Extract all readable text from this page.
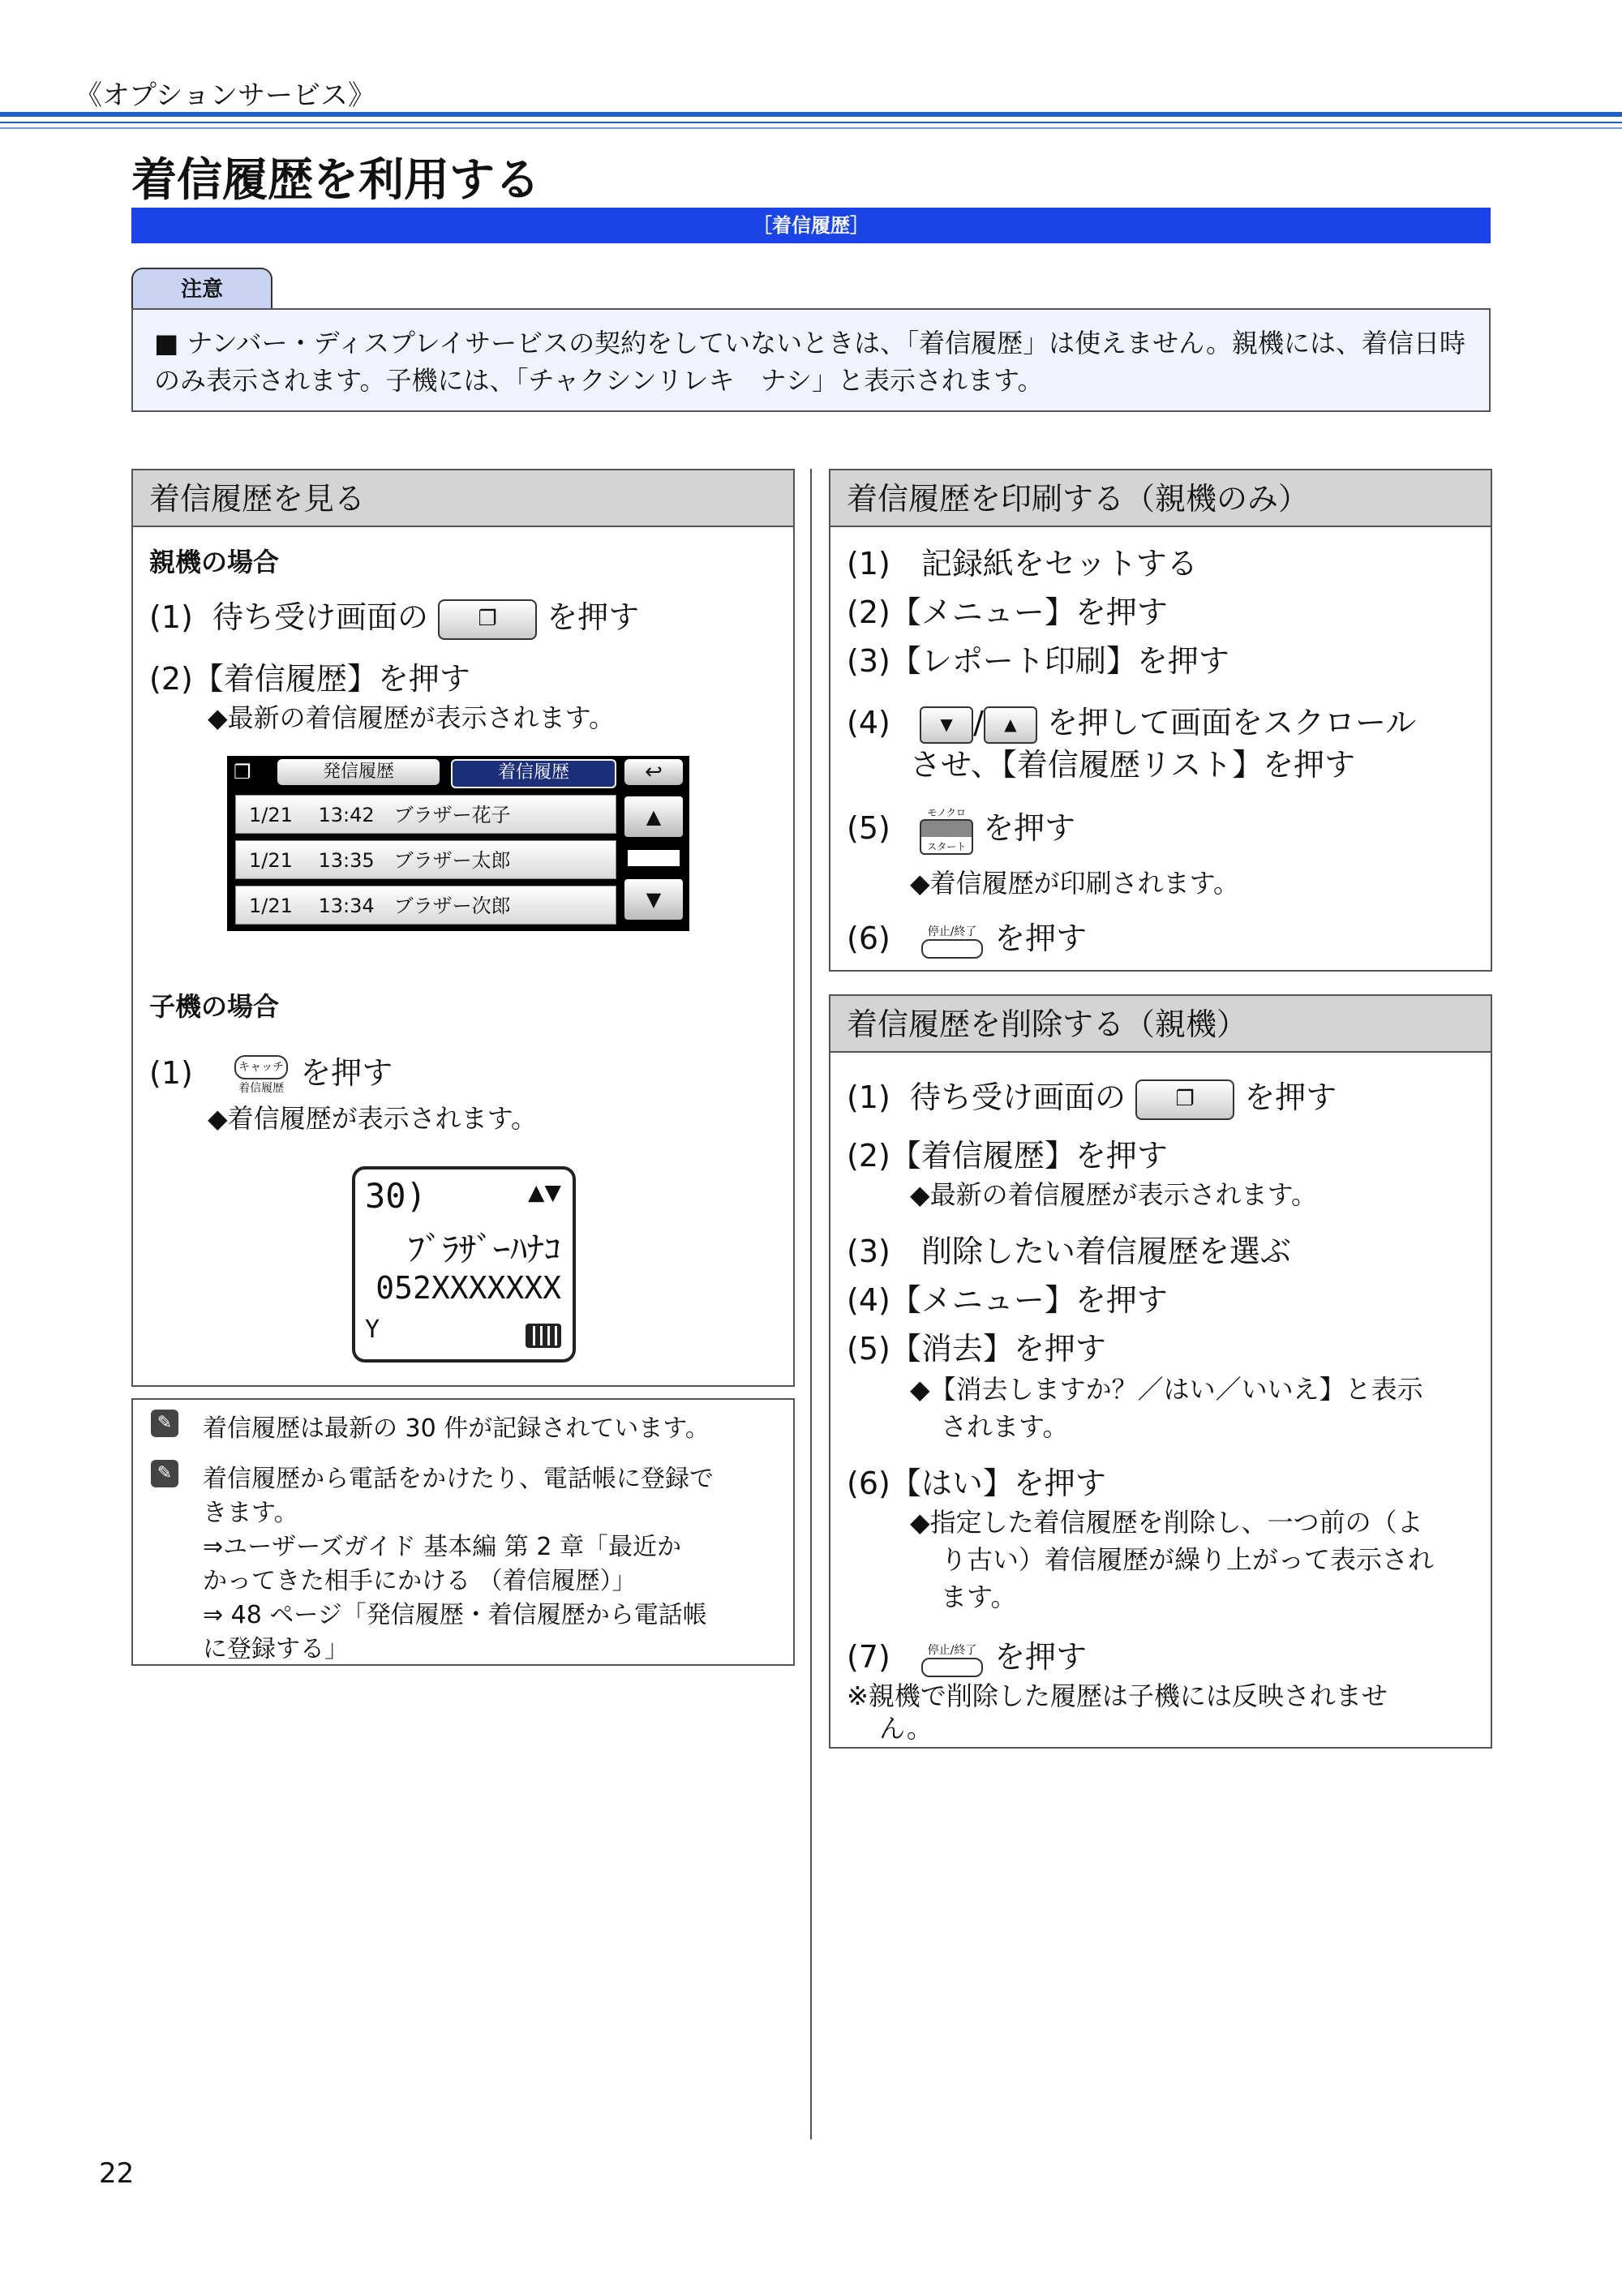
《オプションサービス》
着信履歴を利用する
［着信履歴］
注意
■ ナンバー・ディスプレイサービスの契約をしていないときは、「着信履歴」は使えません。親機には、着信日時のみ表示されます。子機には、「チャクシンリレキ　ナシ」と表示されます。
着信履歴を見る
親機の場合
(1) 待ち受け画面の ❐ を押す
(2)【着信履歴】を押す
◆最新の着信履歴が表示されます。
❐	発信履歴	着信履歴	↩
1/21　 13:42　ブラザー花子
1/21　 13:35　ブラザー太郎
1/21　 13:34　ブラザー次郎
▲
▼
子機の場合
(1)	キャッチ
着信履歴 を押す
◆着信履歴が表示されます。
30)	▲▼
ﾌﾞﾗｻﾞｰﾊﾅｺ
052XXXXXXX
Y
✎ 着信履歴は最新の 30 件が記録されています。
✎ 着信履歴から電話をかけたり、電話帳に登録で
きます。
⇒ユーザーズガイド 基本編 第 2 章「最近か
かってきた相手にかける （着信履歴）」
⇒ 48 ページ「発信履歴・着信履歴から電話帳
に登録する」
着信履歴を印刷する（親機のみ）
(1)　記録紙をセットする
(2)【メニュー】を押す
(3)【レポート印刷】を押す
(4)	▼ / ▲ を押して画面をスクロール
させ、【着信履歴リスト】を押す
(5)	モノクロ
スタート
を押す
◆着信履歴が印刷されます。
(6)	停止/終了 を押す
着信履歴を削除する（親機）
(1) 待ち受け画面の ❐ を押す
(2)【着信履歴】を押す
◆最新の着信履歴が表示されます。
(3)　削除したい着信履歴を選ぶ
(4)【メニュー】を押す
(5)【消去】を押す
◆【消去しますか？／はい／いいえ】と表示
されます。
(6)【はい】を押す
◆指定した着信履歴を削除し、一つ前の（よ
り古い）着信履歴が繰り上がって表示され
ます。
(7)	停止/終了 を押す
※親機で削除した履歴は子機には反映されませ
ん。
22
